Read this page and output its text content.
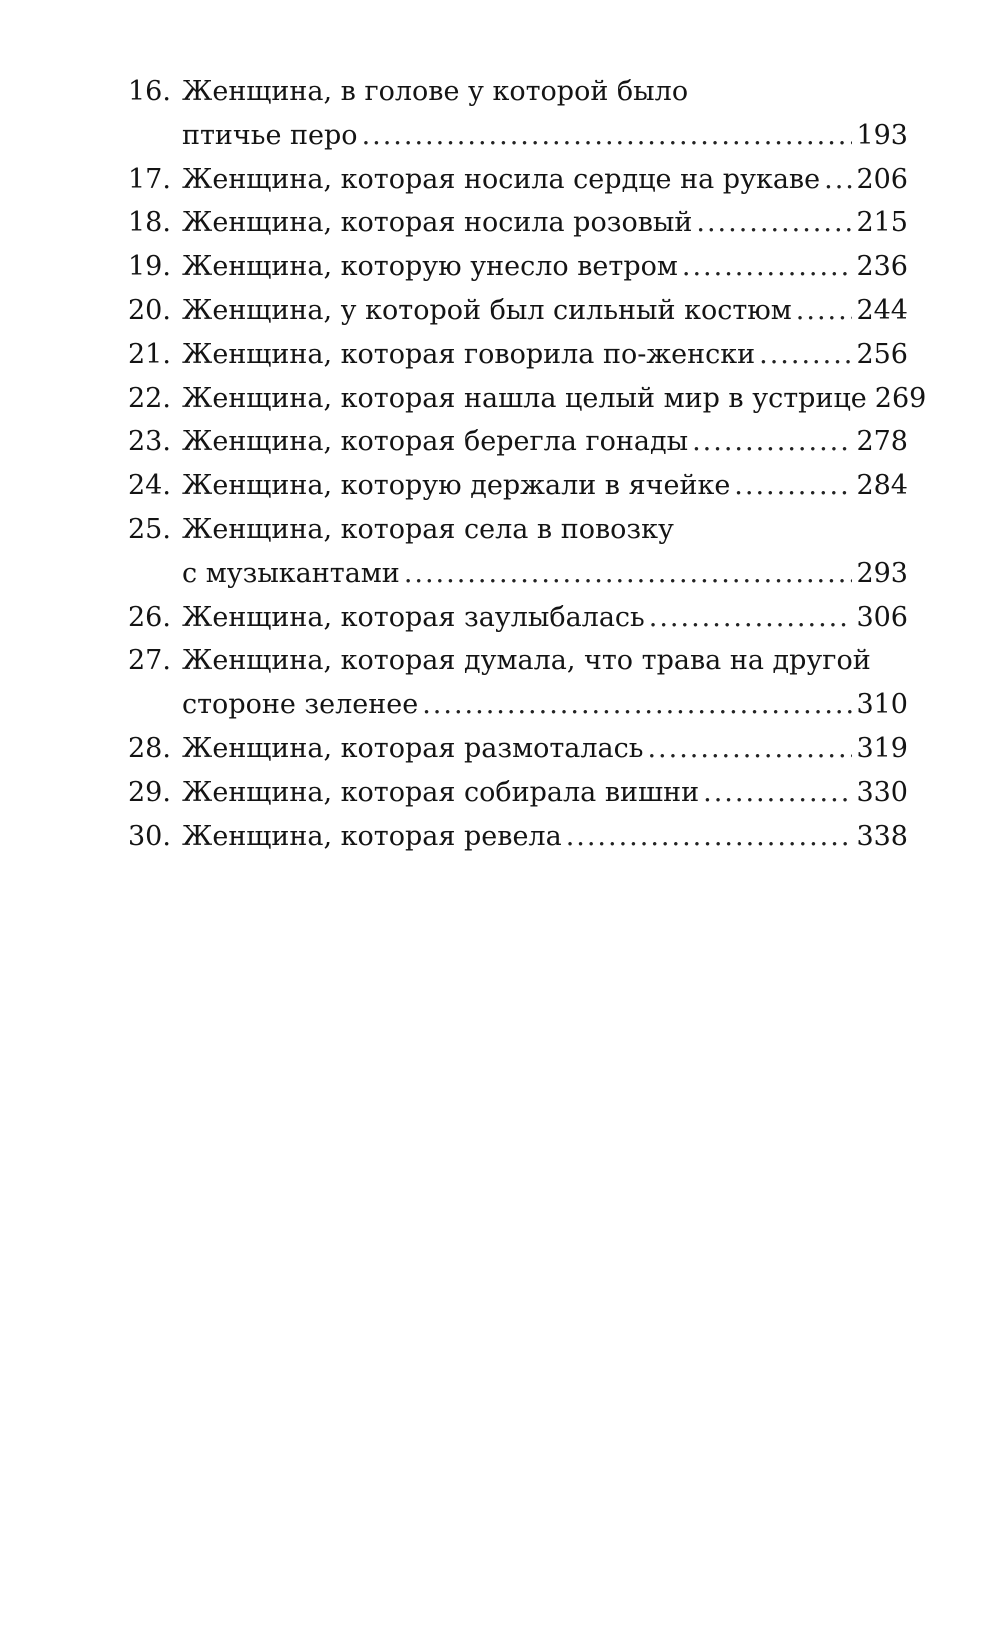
16. Женщина, в голове у которой было
птичье перо .....	193
17. Женщина, которая носила сердце на рукаве ..... 206
18. Женщина, которая носила розовый .....	215
19. Женщина, которую унесло ветром .....	236
20. Женщина, у которой был сильный костюм ..... 244
21. Женщина, которая говорила по-женски .....	256
22. Женщина, которая нашла целый мир в устрице 269
23. Женщина, которая берегла гонады .....	278
24. Женщина, которую держали в ячейке .....	284
25. Женщина, которая села в повозку
с музыкантами .....	293
26. Женщина, которая заулыбалась .....	306
27. Женщина, которая думала, что трава на другой
стороне зеленее .....	310
28. Женщина, которая размоталась .....	319
29. Женщина, которая собирала вишни .....	330
30. Женщина, которая ревела .....	338
